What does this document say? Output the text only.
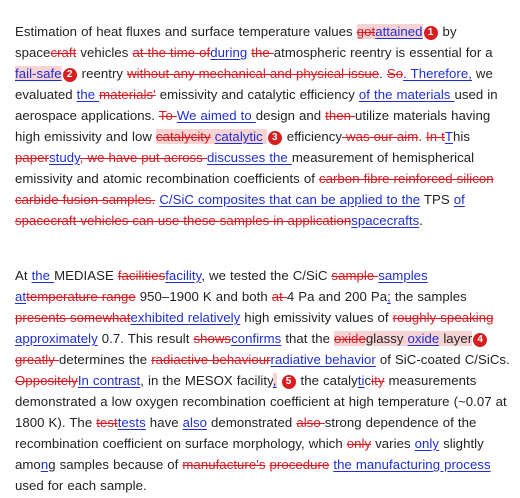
Estimation of heat fluxes and surface temperature values gotattained 1 by spacecraft vehicles at the time ofduring the atmospheric reentry is essential for a fail-safe 2 reentry without any mechanical and physical issue. So. Therefore, we evaluated the materials' emissivity and catalytic efficiency of the materials used in aerospace applications. To We aimed to design and then utilize materials having high emissivity and low catalycity catalytic 3 efficiency was our aim. In tThis paperstudy, we have put across discusses the measurement of hemispherical emissivity and atomic recombination coefficients of carbon fibre reinforced silicon carbide fusion samples. C/SiC composites that can be applied to the TPS of spacecraft vehicles can use these samples in applicationspacecrafts.

At the MEDIASE facilitiesfacility, we tested the C/SiC sample samples attemperature range 950–1900 K and both at 4 Pa and 200 Pa; the samples presents somewhatexhibited relatively high emissivity values of roughly speaking approximately 0.7. This result showsconfirms that the oxideglassy oxide layer 4 greatly determines the radiactive behaviourradiative behavior of SiC-coated C/SiCs. OppositelyIn contrast, in the MESOX facility, 5 the catalyticity measurements demonstrated a low oxygen recombination coefficient at high temperature (~0.07 at 1800 K). The testtests have also demonstrated also strong dependence of the recombination coefficient on surface morphology, which only varies only slightly among samples because of manufacture's procedure the manufacturing process used for each sample.
